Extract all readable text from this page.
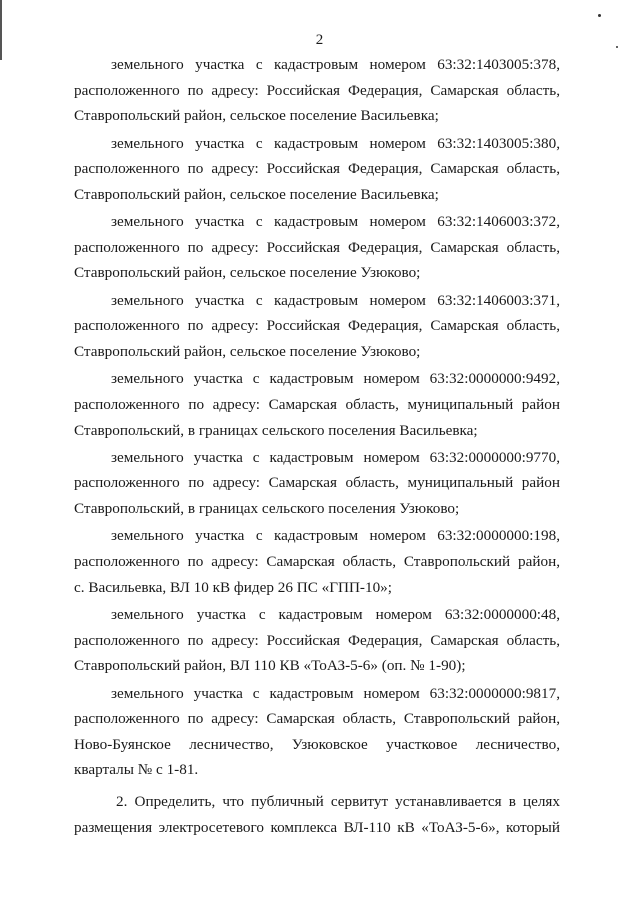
2

земельного участка с кадастровым номером 63:32:1403005:378,
расположенного по адресу: Российская Федерация, Самарская область,
Ставропольский район, сельское поселение Васильевка;

земельного участка с кадастровым номером 63:32:1403005:380,
расположенного по адресу: Российская Федерация, Самарская область,
Ставропольский район, сельское поселение Васильевка;

земельного участка с кадастровым номером 63:32:1406003:372,
расположенного по адресу: Российская Федерация, Самарская область,
Ставропольский район, сельское поселение Узюково;

земельного участка с кадастровым номером 63:32:1406003:371,
расположенного по адресу: Российская Федерация, Самарская область,
Ставропольский район, сельское поселение Узюково;

земельного участка с кадастровым номером 63:32:0000000:9492,
расположенного по адресу: Самарская область, муниципальный район
Ставропольский, в границах сельского поселения Васильевка;

земельного участка с кадастровым номером 63:32:0000000:9770,
расположенного по адресу: Самарская область, муниципальный район
Ставропольский, в границах сельского поселения Узюково;

земельного участка с кадастровым номером 63:32:0000000:198,
расположенного по адресу: Самарская область, Ставропольский район,
с. Васильевка, ВЛ 10 кВ фидер 26 ПС «ГПП-10»;

земельного участка с кадастровым номером 63:32:0000000:48,
расположенного по адресу: Российская Федерация, Самарская область,
Ставропольский район, ВЛ 110 КВ «ТоАЗ-5-6» (оп. № 1-90);

земельного участка с кадастровым номером 63:32:0000000:9817,
расположенного по адресу: Самарская область, Ставропольский район,
Ново-Буянское лесничество, Узюковское участковое лесничество,
кварталы № с 1-81.

2. Определить, что публичный сервитут устанавливается в целях
размещения электросетевого комплекса ВЛ-110 кВ «ТоАЗ-5-6», который
